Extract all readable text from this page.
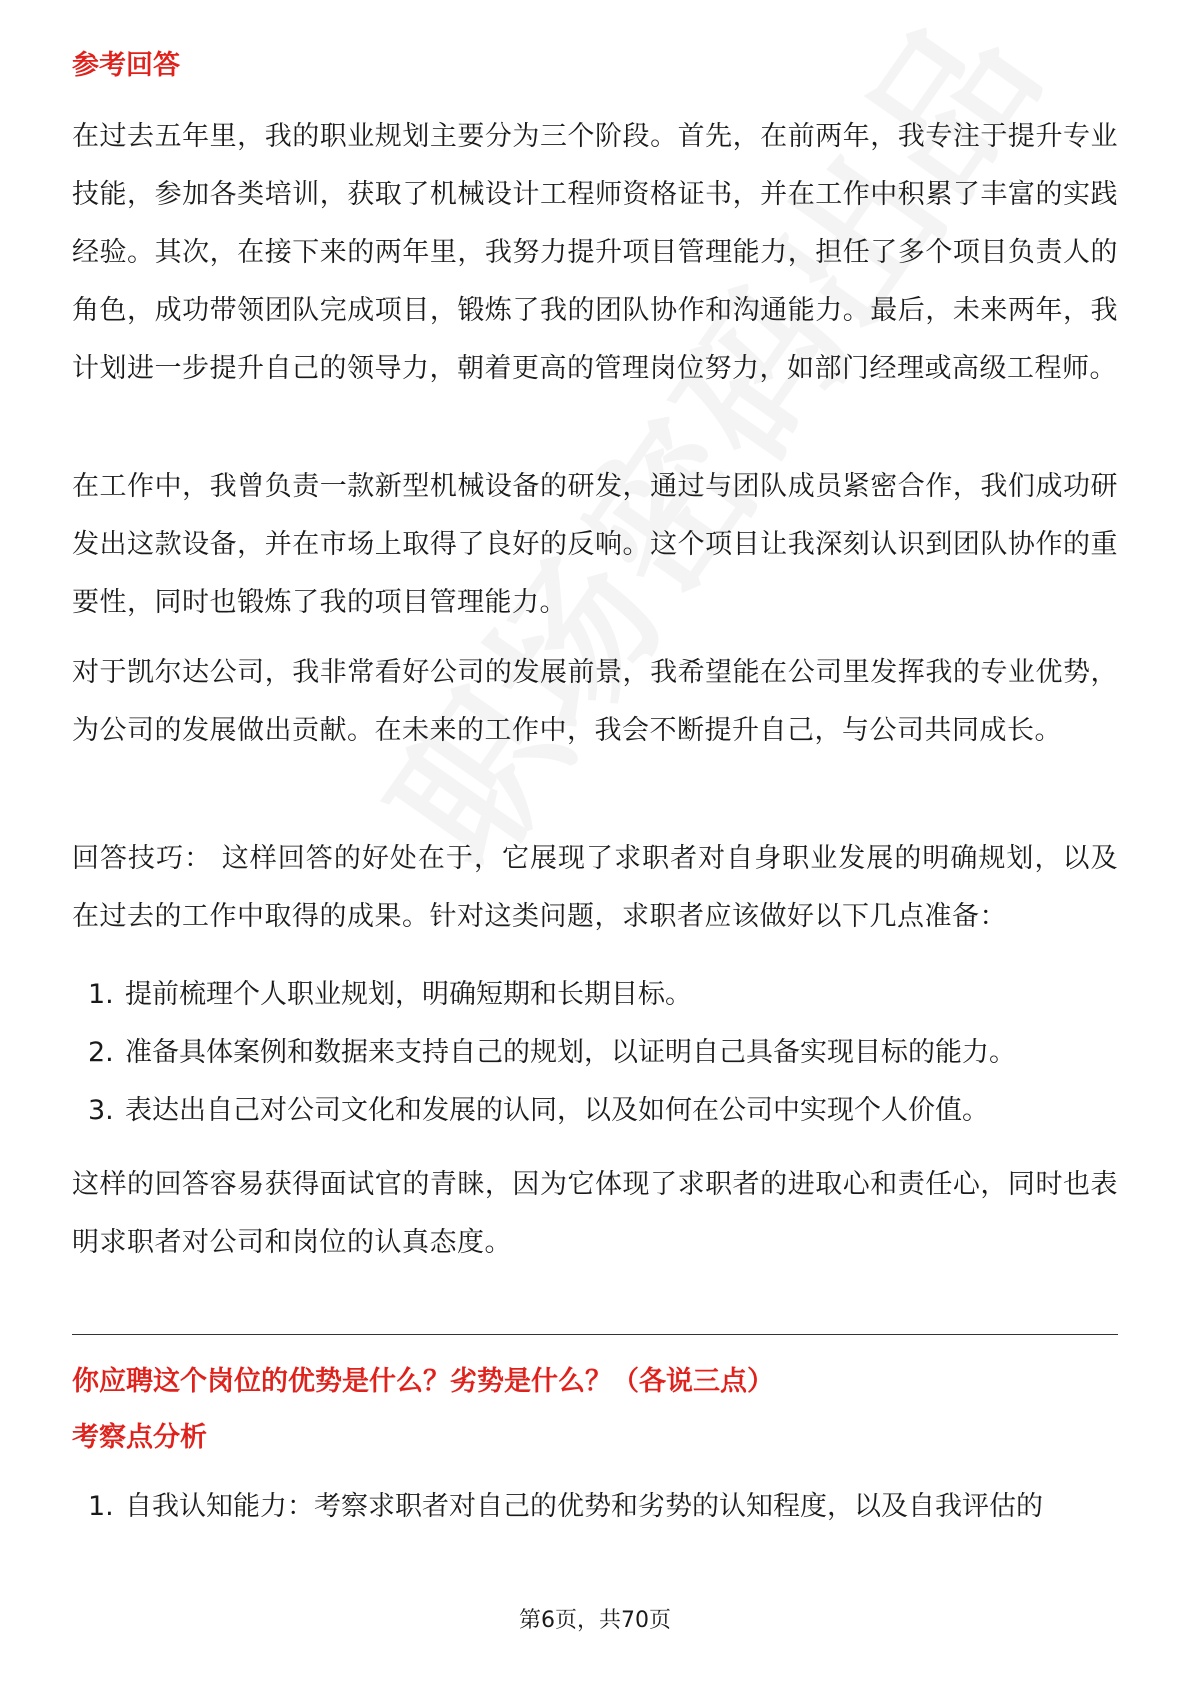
参考回答

在过去五年里，我的职业规划主要分为三个阶段。首先，在前两年，我专注于提升专业技能，参加各类培训，获取了机械设计工程师资格证书，并在工作中积累了丰富的实践经验。其次，在接下来的两年里，我努力提升项目管理能力，担任了多个项目负责人的角色，成功带领团队完成项目，锻炼了我的团队协作和沟通能力。最后，未来两年，我计划进一步提升自己的领导力，朝着更高的管理岗位努力，如部门经理或高级工程师。

在工作中，我曾负责一款新型机械设备的研发，通过与团队成员紧密合作，我们成功研发出这款设备，并在市场上取得了良好的反响。这个项目让我深刻认识到团队协作的重要性，同时也锻炼了我的项目管理能力。

对于凯尔达公司，我非常看好公司的发展前景，我希望能在公司里发挥我的专业优势，为公司的发展做出贡献。在未来的工作中，我会不断提升自己，与公司共同成长。

回答技巧： 这样回答的好处在于，它展现了求职者对自身职业发展的明确规划，以及在过去的工作中取得的成果。针对这类问题，求职者应该做好以下几点准备：

1. 提前梳理个人职业规划，明确短期和长期目标。
2. 准备具体案例和数据来支持自己的规划，以证明自己具备实现目标的能力。
3. 表达出自己对公司文化和发展的认同，以及如何在公司中实现个人价值。

这样的回答容易获得面试官的青睐，因为它体现了求职者的进取心和责任心，同时也表明求职者对公司和岗位的认真态度。

你应聘这个岗位的优势是什么？劣势是什么？（各说三点）
考察点分析
1. 自我认知能力：考察求职者对自己的优势和劣势的认知程度，以及自我评估的
第6页，共70页
